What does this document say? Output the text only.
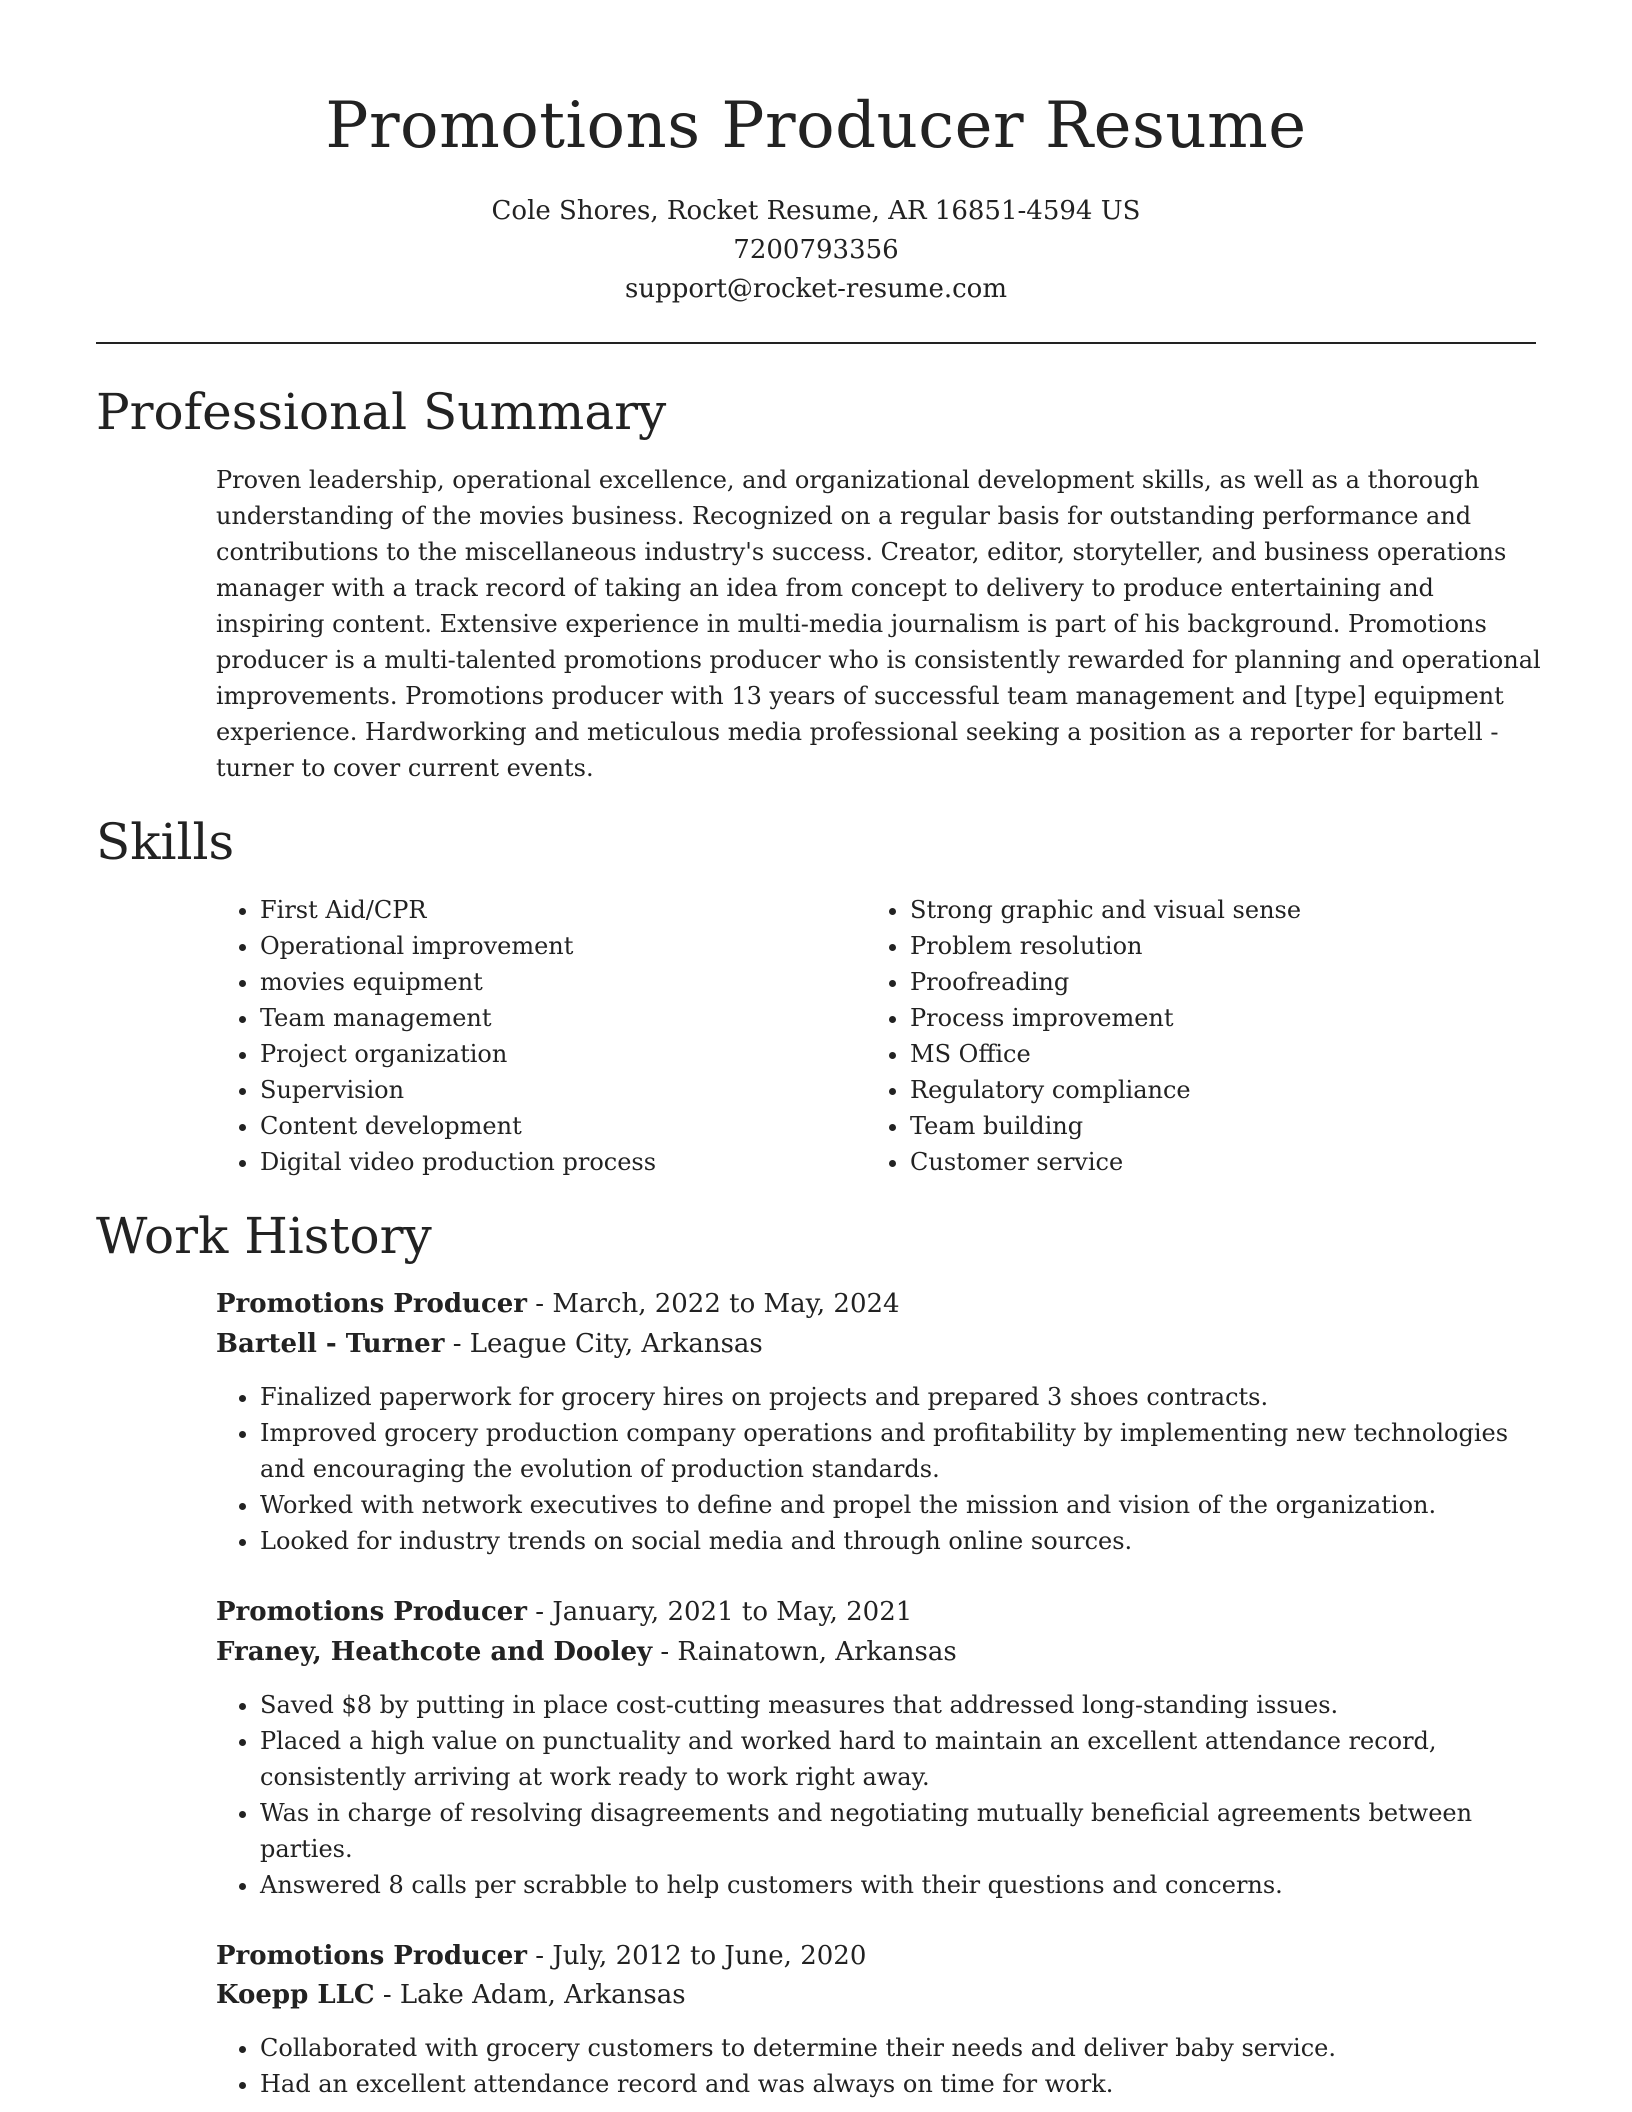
Promotions Producer Resume
Cole Shores, Rocket Resume, AR 16851-4594 US
7200793356
support@rocket-resume.com
Professional Summary

Proven leadership, operational excellence, and organizational development skills, as well as a thorough understanding of the movies business. Recognized on a regular basis for outstanding performance and contributions to the miscellaneous industry's success. Creator, editor, storyteller, and business operations manager with a track record of taking an idea from concept to delivery to produce entertaining and inspiring content. Extensive experience in multi-media journalism is part of his background. Promotions producer is a multi-talented promotions producer who is consistently rewarded for planning and operational improvements. Promotions producer with 13 years of successful team management and [type] equipment experience. Hardworking and meticulous media professional seeking a position as a reporter for bartell - turner to cover current events.

Skills
• First Aid/CPR
• Operational improvement
• movies equipment
• Team management
• Project organization
• Supervision
• Content development
• Digital video production process
• Strong graphic and visual sense
• Problem resolution
• Proofreading
• Process improvement
• MS Office
• Regulatory compliance
• Team building
• Customer service
Work History
Promotions Producer - March, 2022 to May, 2024
Bartell - Turner - League City, Arkansas
• Finalized paperwork for grocery hires on projects and prepared 3 shoes contracts.
• Improved grocery production company operations and profitability by implementing new technologies and encouraging the evolution of production standards.
• Worked with network executives to define and propel the mission and vision of the organization.
• Looked for industry trends on social media and through online sources.
Promotions Producer - January, 2021 to May, 2021
Franey, Heathcote and Dooley - Rainatown, Arkansas
• Saved $8 by putting in place cost-cutting measures that addressed long-standing issues.
• Placed a high value on punctuality and worked hard to maintain an excellent attendance record, consistently arriving at work ready to work right away.
• Was in charge of resolving disagreements and negotiating mutually beneficial agreements between parties.
• Answered 8 calls per scrabble to help customers with their questions and concerns.
Promotions Producer - July, 2012 to June, 2020
Koepp LLC - Lake Adam, Arkansas
• Collaborated with grocery customers to determine their needs and deliver baby service.
• Had an excellent attendance record and was always on time for work.
